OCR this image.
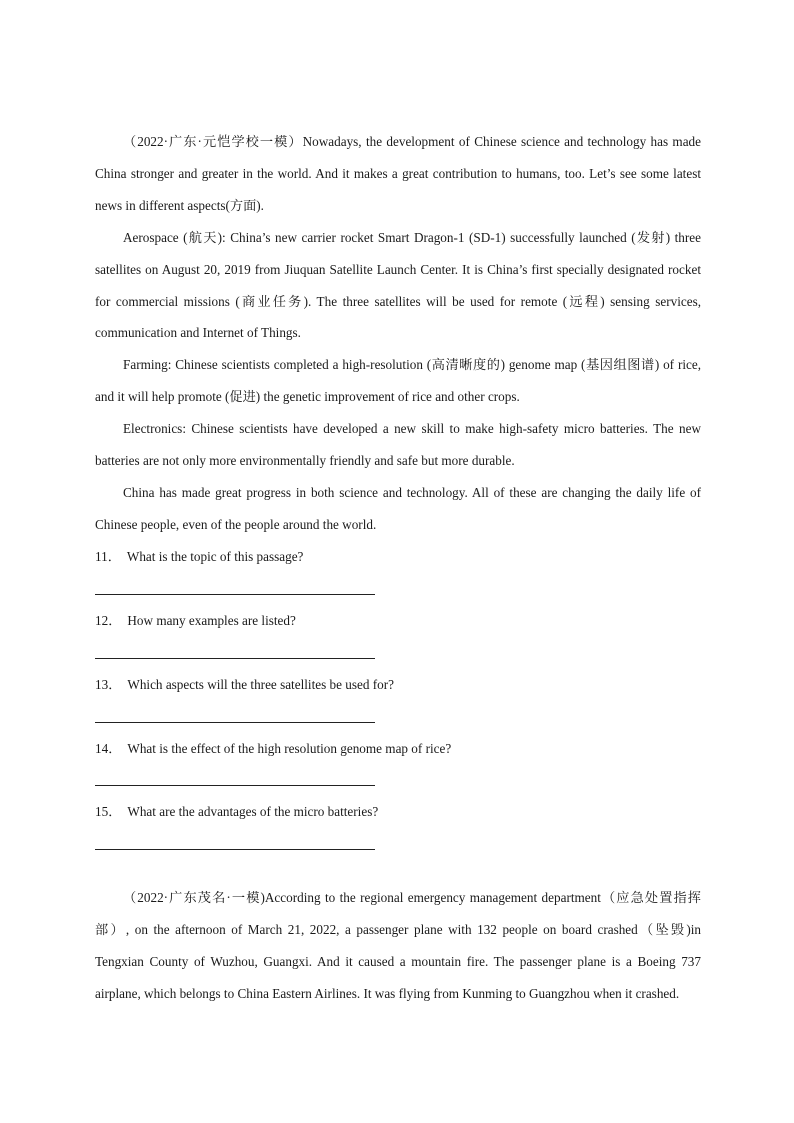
（2022·广东·元恺学校一模）Nowadays, the development of Chinese science and technology has made China stronger and greater in the world. And it makes a great contribution to humans, too. Let’s see some latest news in different aspects(方面).

Aerospace (航天): China’s new carrier rocket Smart Dragon-1 (SD-1) successfully launched (发射) three satellites on August 20, 2019 from Jiuquan Satellite Launch Center. It is China’s first specially designated rocket for commercial missions (商业任务). The three satellites will be used for remote (远程) sensing services, communication and Internet of Things.

Farming: Chinese scientists completed a high-resolution (高清晰度的) genome map (基因组图谱) of rice, and it will help promote (促进) the genetic improvement of rice and other crops.

Electronics: Chinese scientists have developed a new skill to make high-safety micro batteries. The new batteries are not only more environmentally friendly and safe but more durable.

China has made great progress in both science and technology. All of these are changing the daily life of Chinese people, even of the people around the world.

11． What is the topic of this passage?

12． How many examples are listed?

13． Which aspects will the three satellites be used for?

14． What is the effect of the high resolution genome map of rice?

15． What are the advantages of the micro batteries?

（2022·广东茂名·一模)According to the regional emergency management department（应急处置指挥部）, on the afternoon of March 21, 2022, a passenger plane with 132 people on board crashed（坠毁)in Tengxian County of Wuzhou, Guangxi. And it caused a mountain fire. The passenger plane is a Boeing 737 airplane, which belongs to China Eastern Airlines. It was flying from Kunming to Guangzhou when it crashed.
